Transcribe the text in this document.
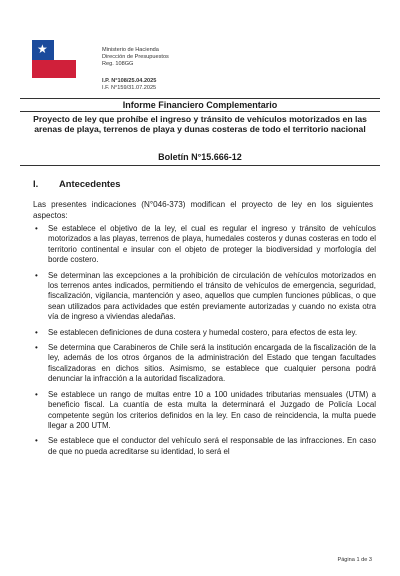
★
Gobierno de
Chile
DIRECCIÓN DE
PRESUPUESTOS
Ministerio de Hacienda
Dirección de Presupuestos
Reg. 108GG
I.P. N°108/25.04.2025
I.F. N°159/31.07.2025
Informe Financiero Complementario
Proyecto de ley que prohíbe el ingreso y tránsito de vehículos motorizados en las arenas de playa, terrenos de playa y dunas costeras de todo el territorio nacional
Boletín N°15.666-12
I. Antecedentes
Las presentes indicaciones (N°046-373) modifican el proyecto de ley en los siguientes aspectos:
• Se establece el objetivo de la ley, el cual es regular el ingreso y tránsito de vehículos motorizados a las playas, terrenos de playa, humedales costeros y dunas costeras en todo el territorio continental e insular con el objeto de proteger la biodiversidad y morfología del borde costero.
• Se determinan las excepciones a la prohibición de circulación de vehículos motorizados en los terrenos antes indicados, permitiendo el tránsito de vehículos de emergencia, seguridad, fiscalización, vigilancia, mantención y aseo, aquellos que cumplen funciones públicas, o que sean utilizados para actividades que estén previamente autorizadas y cuando no exista otra vía de ingreso a viviendas aledañas.
• Se establecen definiciones de duna costera y humedal costero, para efectos de esta ley.
• Se determina que Carabineros de Chile será la institución encargada de la fiscalización de la ley, además de los otros órganos de la administración del Estado que tengan facultades fiscalizadoras en dichos sitios. Asimismo, se establece que cualquier persona podrá denunciar la infracción a la autoridad fiscalizadora.
• Se establece un rango de multas entre 10 a 100 unidades tributarias mensuales (UTM) a beneficio fiscal. La cuantía de esta multa la determinará el Juzgado de Policía Local competente según los criterios definidos en la ley. En caso de reincidencia, la multa puede llegar a 200 UTM.
• Se establece que el conductor del vehículo será el responsable de las infracciones. En caso de que no pueda acreditarse su identidad, lo será el
Página 1 de 3
